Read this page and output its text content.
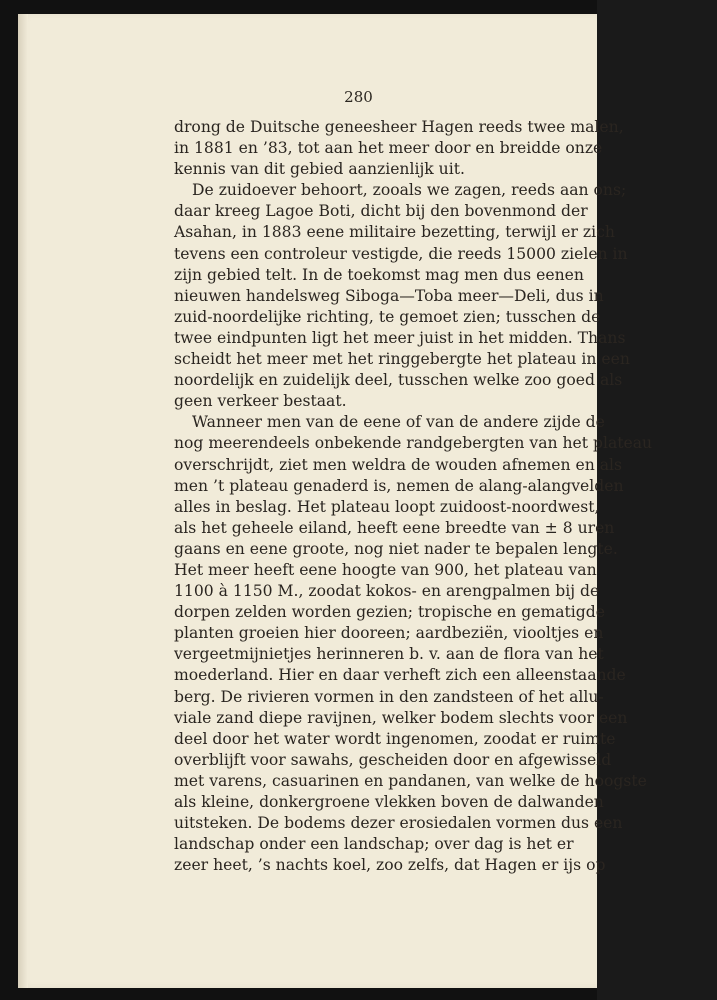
280
drong de Duitsche geneesheer Hagen reeds twee malen,
in 1881 en ’83, tot aan het meer door en breidde onze
kennis van dit gebied aanzienlijk uit.
De zuidoever behoort, zooals we zagen, reeds aan ons;
daar kreeg Lagoe Boti, dicht bij den bovenmond der
Asahan, in 1883 eene militaire bezetting, terwijl er zich
tevens een controleur vestigde, die reeds 15000 zielen in
zijn gebied telt. In de toekomst mag men dus eenen
nieuwen handelsweg Siboga—Toba meer—Deli, dus in
zuid-noordelijke richting, te gemoet zien; tusschen de
twee eindpunten ligt het meer juist in het midden. Thans
scheidt het meer met het ringgebergte het plateau in een
noordelijk en zuidelijk deel, tusschen welke zoo goed als
geen verkeer bestaat.
Wanneer men van de eene of van de andere zijde de
nog meerendeels onbekende randgebergten van het plateau
overschrijdt, ziet men weldra de wouden afnemen en als
men ’t plateau genaderd is, nemen de alang-alangvelden
alles in beslag. Het plateau loopt zuidoost-noordwest,
als het geheele eiland, heeft eene breedte van ± 8 uren
gaans en eene groote, nog niet nader te bepalen lengte.
Het meer heeft eene hoogte van 900, het plateau van
1100 à 1150 M., zoodat kokos- en arengpalmen bij de
dorpen zelden worden gezien; tropische en gematigde
planten groeien hier dooreen; aardbeziën, viooltjes en
vergeetmijnietjes herinneren b. v. aan de flora van het
moederland. Hier en daar verheft zich een alleenstaande
berg. De rivieren vormen in den zandsteen of het allu-
viale zand diepe ravijnen, welker bodem slechts voor een
deel door het water wordt ingenomen, zoodat er ruimte
overblijft voor sawahs, gescheiden door en afgewisseld
met varens, casuarinen en pandanen, van welke de hoogste
als kleine, donkergroene vlekken boven de dalwanden
uitsteken. De bodems dezer erosiedalen vormen dus een
landschap onder een landschap; over dag is het er
zeer heet, ’s nachts koel, zoo zelfs, dat Hagen er ijs op
